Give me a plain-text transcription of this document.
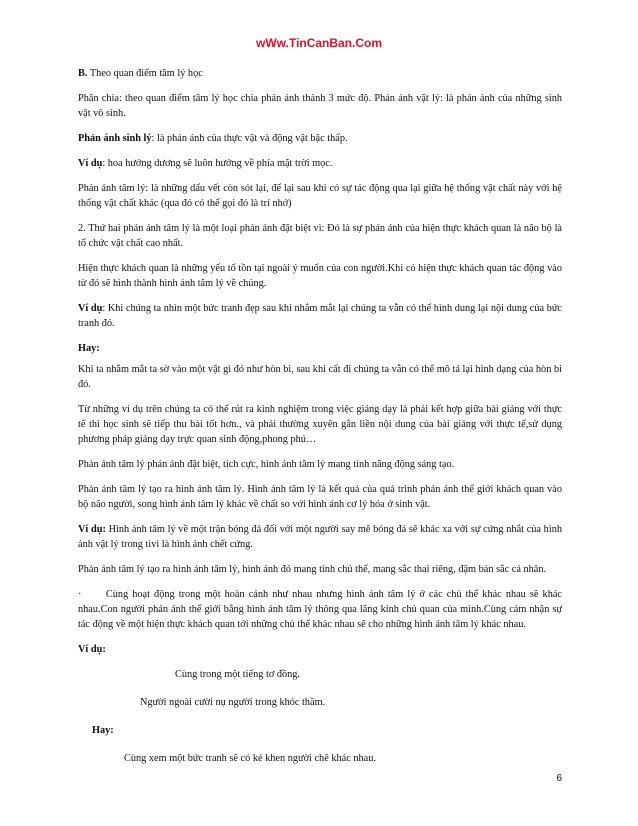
wWw.TinCanBan.Com

B. Theo quan điểm tâm lý học

Phân chia: theo quan điểm tâm lý học chia phản ánh thành 3 mức độ. Phản ánh vật lý: là phản ánh của những sinh vật vô sinh.

Phản ánh sinh lý: là phản ánh của thực vật và động vật bậc thấp.

Ví dụ: hoa hướng dương sẽ luôn hướng về phía mặt trời mọc.

Phản ánh tâm lý: là những dấu vết còn sót lại, để lại sau khi có sự tác động qua lại giữa hệ thống vật chất này với hệ thống vật chất khác (qua đó có thể gọi đó là trí nhớ)

2. Thứ hai phản ánh tâm lý là một loại phản ánh đặt biệt vì: Đó là sự phản ánh của hiện thực khách quan là não bộ là tổ chức vật chất cao nhất.

Hiện thực khách quan là những yếu tố tồn tại ngoài ý muốn của con người.Khi có hiện thực khách quan tác động vào từ đó sẽ hình thành hình ảnh tâm lý về chúng.

Ví dụ: Khi chúng ta nhìn một bức tranh đẹp sau khi nhắm mắt lại chúng ta vẫn có thể hình dung lại nội dung của bức tranh đó.

Hay:

Khi ta nhắm mắt ta sờ vào một vật gì đó như hòn bi, sau khi cất đi chúng ta vẫn có thể mô tả lại hình dạng của hòn bi đó.

Từ những ví dụ trên chúng ta có thể rút ra kinh nghiệm trong việc giảng dạy là phải kết hợp giữa bài giảng với thực tế thì học sinh sẽ tiếp thu bài tốt hơn., và phải thường xuyên gắn liền nội dung của bài giảng với thực tế,sử dụng phương pháp giảng dạy trực quan sinh động,phong phú…

Phản ánh tâm lý phản ánh đặt biệt, tích cực, hình ảnh tâm lý mang tính năng động sáng tạo.

Phản ánh tâm lý tạo ra hình ảnh tâm lý. Hình ảnh tâm lý là kết quả của quá trình phản ánh thế giới khách quan vào bộ não người, song hình ảnh tâm lý khác về chất so với hình ảnh cơ lý hóa ở sinh vật.

Ví dụ: Hình ảnh tâm lý về một trận bóng đá đối với một người say mê bóng đá sẽ khác xa với sự cứng nhắt của hình ảnh vật lý trong tivi là hình ảnh chết cứng.

Phản ánh tâm lý tạo ra hình ảnh tâm lý, hình ảnh đó mang tính chủ thể, mang sắc thai riêng, đậm bản sắc cá nhân.

· Cùng hoạt động trong một hoàn cảnh như nhau nhưng hình ảnh tâm lý ở các chủ thể khác nhau sẽ khác nhau.Con người phản ánh thế giới bằng hình ảnh tâm lý thông qua lăng kính chủ quan của mình.Cùng cảm nhận sự tác động về một hiện thực khách quan tới những chủ thể khác nhau sẽ cho những hình ảnh tâm lý khác nhau.

Ví dụ:

Cùng trong một tiếng tơ đồng.

Người ngoài cười nụ người trong khóc thầm.

Hay:

Cùng xem một bức tranh sẽ có kẻ khen người chê khác nhau.

6
